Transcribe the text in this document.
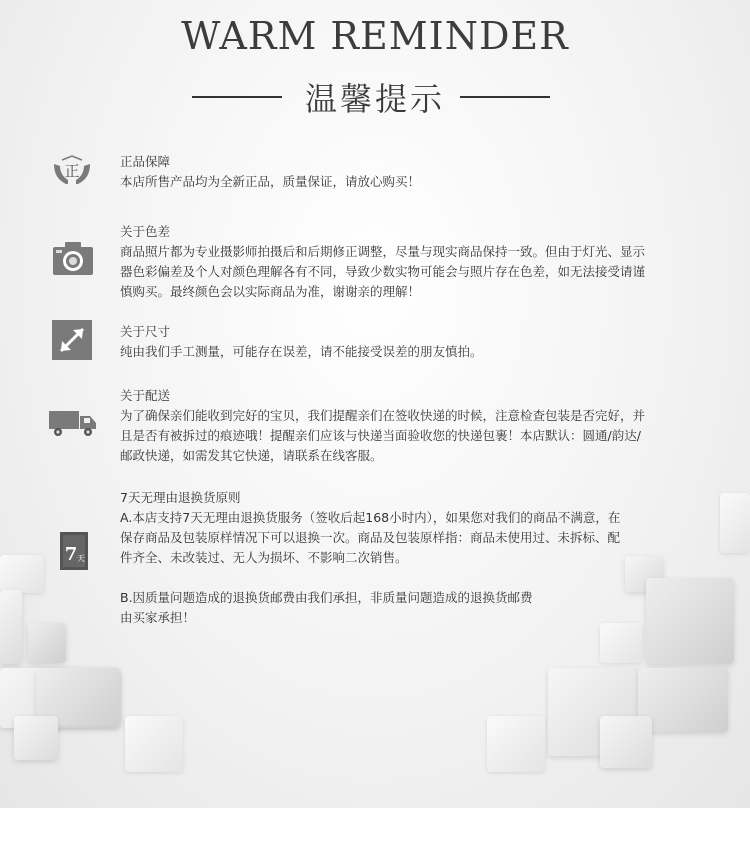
WARM REMINDER
温馨提示
正
正品保障
本店所售产品均为全新正品，质量保证，请放心购买！
关于色差
商品照片都为专业摄影师拍摄后和后期修正调整，尽量与现实商品保持一致。但由于灯光、显示
器色彩偏差及个人对颜色理解各有不同，导致少数实物可能会与照片存在色差，如无法接受请谨
慎购买。最终颜色会以实际商品为准，谢谢亲的理解！
关于尺寸
纯由我们手工测量，可能存在误差，请不能接受误差的朋友慎拍。
关于配送
为了确保亲们能收到完好的宝贝，我们提醒亲们在签收快递的时候，注意检查包装是否完好，并
且是否有被拆过的痕迹哦！提醒亲们应该与快递当面验收您的快递包裹！本店默认：圆通/韵达/
邮政快递，如需发其它快递，请联系在线客服。
7 天
7天无理由退换货原则
A.本店支持7天无理由退换货服务（签收后起168小时内），如果您对我们的商品不满意，在
保存商品及包装原样情况下可以退换一次。商品及包装原样指：商品未使用过、未拆标、配
件齐全、未改装过、无人为损坏、不影响二次销售。
B.因质量问题造成的退换货邮费由我们承担，非质量问题造成的退换货邮费
由买家承担！
